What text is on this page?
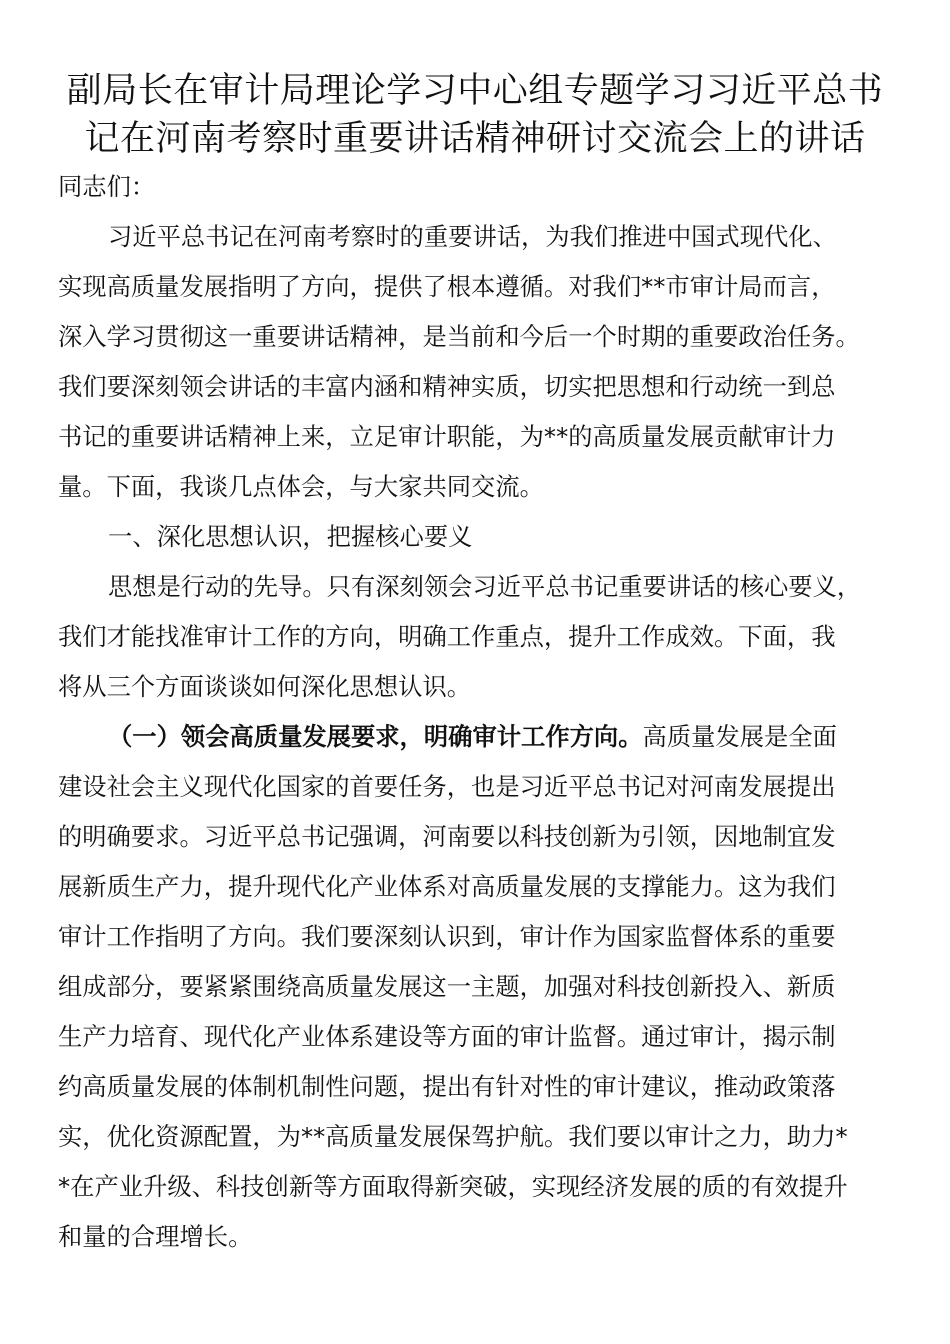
副局长在审计局理论学习中心组专题学习习近平总书
记在河南考察时重要讲话精神研讨交流会上的讲话

同志们：

习近平总书记在河南考察时的重要讲话，为我们推进中国式现代化、

实现高质量发展指明了方向，提供了根本遵循。对我们**市审计局而言，

深入学习贯彻这一重要讲话精神，是当前和今后一个时期的重要政治任务。

我们要深刻领会讲话的丰富内涵和精神实质，切实把思想和行动统一到总

书记的重要讲话精神上来，立足审计职能，为**的高质量发展贡献审计力

量。下面，我谈几点体会，与大家共同交流。

一、深化思想认识，把握核心要义

思想是行动的先导。只有深刻领会习近平总书记重要讲话的核心要义，

我们才能找准审计工作的方向，明确工作重点，提升工作成效。下面，我

将从三个方面谈谈如何深化思想认识。

（一）领会高质量发展要求，明确审计工作方向。高质量发展是全面

建设社会主义现代化国家的首要任务，也是习近平总书记对河南发展提出

的明确要求。习近平总书记强调，河南要以科技创新为引领，因地制宜发

展新质生产力，提升现代化产业体系对高质量发展的支撑能力。这为我们

审计工作指明了方向。我们要深刻认识到，审计作为国家监督体系的重要

组成部分，要紧紧围绕高质量发展这一主题，加强对科技创新投入、新质

生产力培育、现代化产业体系建设等方面的审计监督。通过审计，揭示制

约高质量发展的体制机制性问题，提出有针对性的审计建议，推动政策落

实，优化资源配置，为**高质量发展保驾护航。我们要以审计之力，助力*

*在产业升级、科技创新等方面取得新突破，实现经济发展的质的有效提升

和量的合理增长。
